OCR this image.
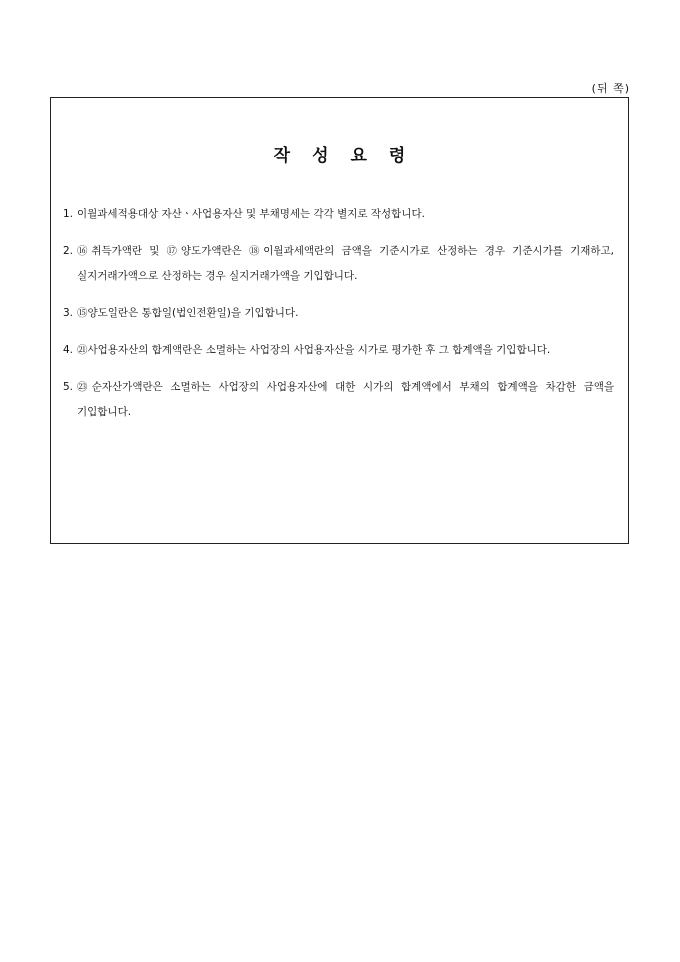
(뒤 쪽)
작성요령
1. 이월과세적용대상 자산ㆍ사업용자산 및 부채명세는 각각 별지로 작성합니다.
2. ⑯취득가액란 및 ⑰양도가액란은 ⑱이월과세액란의 금액을 기준시가로 산정하는 경우 기준시가를 기재하고, 실지거래가액으로 산정하는 경우 실지거래가액을 기입합니다.
3. ⑮양도일란은 통합일(법인전환일)을 기입합니다.
4. ㉑사업용자산의 합계액란은 소멸하는 사업장의 사업용자산을 시가로 평가한 후 그 합계액을 기입합니다.
5. ㉓순자산가액란은 소멸하는 사업장의 사업용자산에 대한 시가의 합계액에서 부채의 합계액을 차감한 금액을 기입합니다.
